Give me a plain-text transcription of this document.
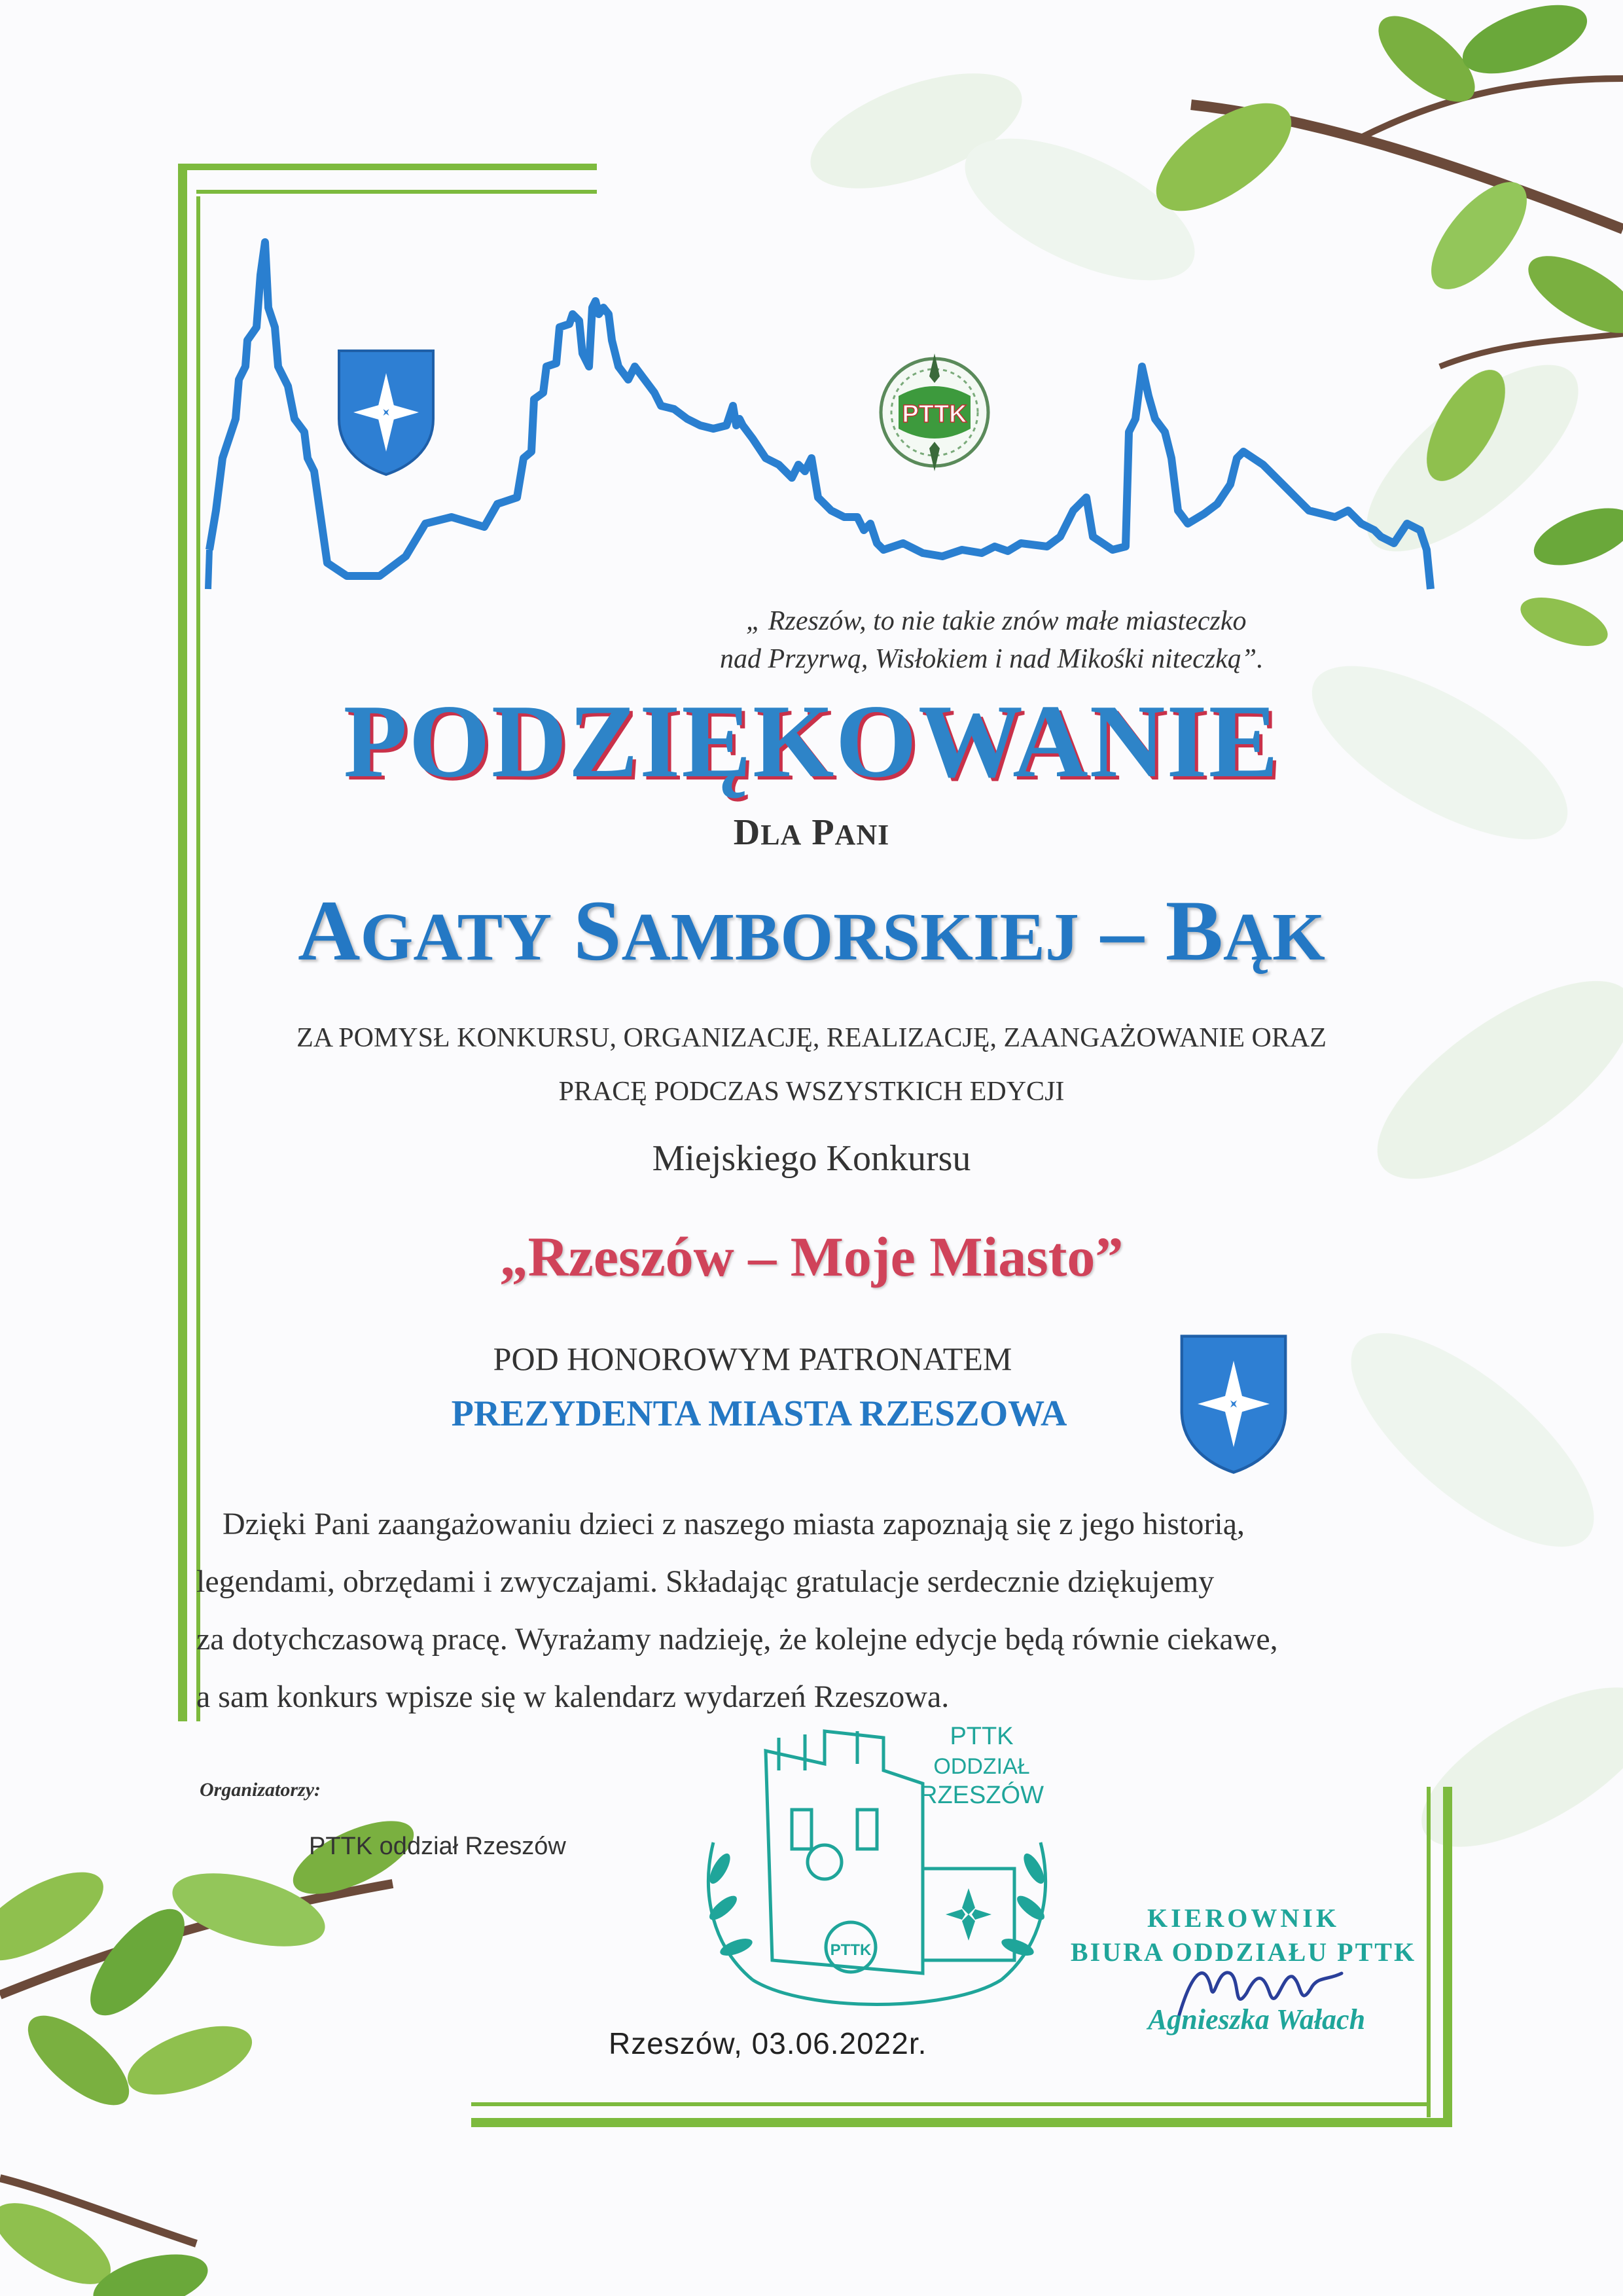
PTTK
„ Rzeszów, to nie takie znów małe miasteczko
nad Przyrwą, Wisłokiem i nad Mikośki niteczką”.
PODZIĘKOWANIE
DLA PANI
AGATY SAMBORSKIEJ – BĄK
ZA POMYSŁ KONKURSU, ORGANIZACJĘ, REALIZACJĘ, ZAANGAŻOWANIE ORAZ
PRACĘ PODCZAS WSZYSTKICH EDYCJI
Miejskiego Konkursu
„Rzeszów – Moje Miasto”
POD HONOROWYM PATRONATEM
PREZYDENTA MIASTA RZESZOWA

Dzięki Pani zaangażowaniu dzieci z naszego miasta zapoznają się z jego historią,

legendami, obrzędami i zwyczajami. Składając gratulacje serdecznie dziękujemy
za dotychczasową pracę. Wyrażamy nadzieję, że kolejne edycje będą równie ciekawe,
a sam konkurs wpisze się w kalendarz wydarzeń Rzeszowa.
Organizatorzy:
PTTK oddział Rzeszów
PTTK
ODDZIAŁ
RZESZÓW
PTTK
Rzeszów, 03.06.2022r.
KIEROWNIK
BIURA ODDZIAŁU PTTK
Agnieszka Wałach
